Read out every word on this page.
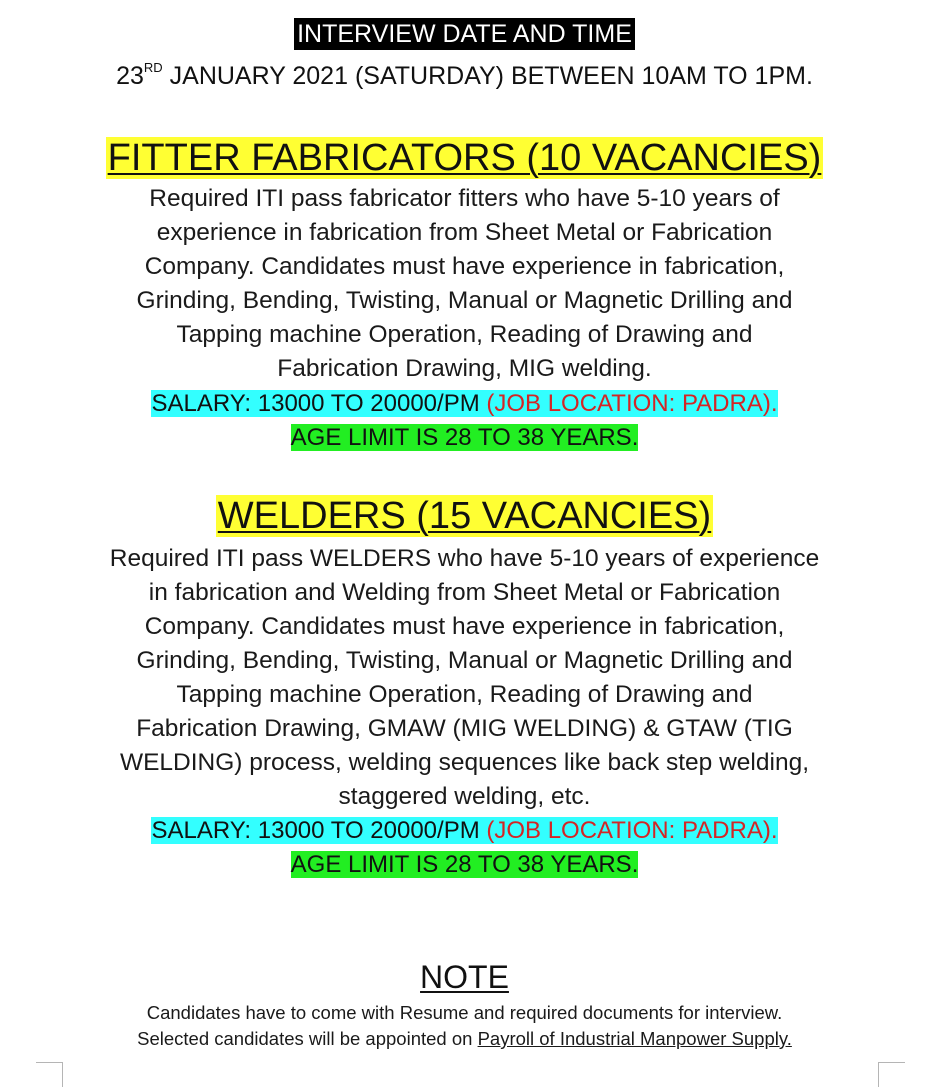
INTERVIEW DATE AND TIME
23RD JANUARY 2021 (SATURDAY) BETWEEN 10AM TO 1PM.
FITTER FABRICATORS (10 VACANCIES)
Required ITI pass fabricator fitters who have 5-10 years of
experience in fabrication from Sheet Metal or Fabrication
Company. Candidates must have experience in fabrication,
Grinding, Bending, Twisting, Manual or Magnetic Drilling and
Tapping machine Operation, Reading of Drawing and
Fabrication Drawing, MIG welding.
SALARY: 13000 TO 20000/PM (JOB LOCATION: PADRA).
AGE LIMIT IS 28 TO 38 YEARS.
WELDERS (15 VACANCIES)
Required ITI pass WELDERS who have 5-10 years of experience
in fabrication and Welding from Sheet Metal or Fabrication
Company. Candidates must have experience in fabrication,
Grinding, Bending, Twisting, Manual or Magnetic Drilling and
Tapping machine Operation, Reading of Drawing and
Fabrication Drawing, GMAW (MIG WELDING) & GTAW (TIG
WELDING) process, welding sequences like back step welding,
staggered welding, etc.
SALARY: 13000 TO 20000/PM (JOB LOCATION: PADRA).
AGE LIMIT IS 28 TO 38 YEARS.
NOTE
Candidates have to come with Resume and required documents for interview.
Selected candidates will be appointed on Payroll of Industrial Manpower Supply.
